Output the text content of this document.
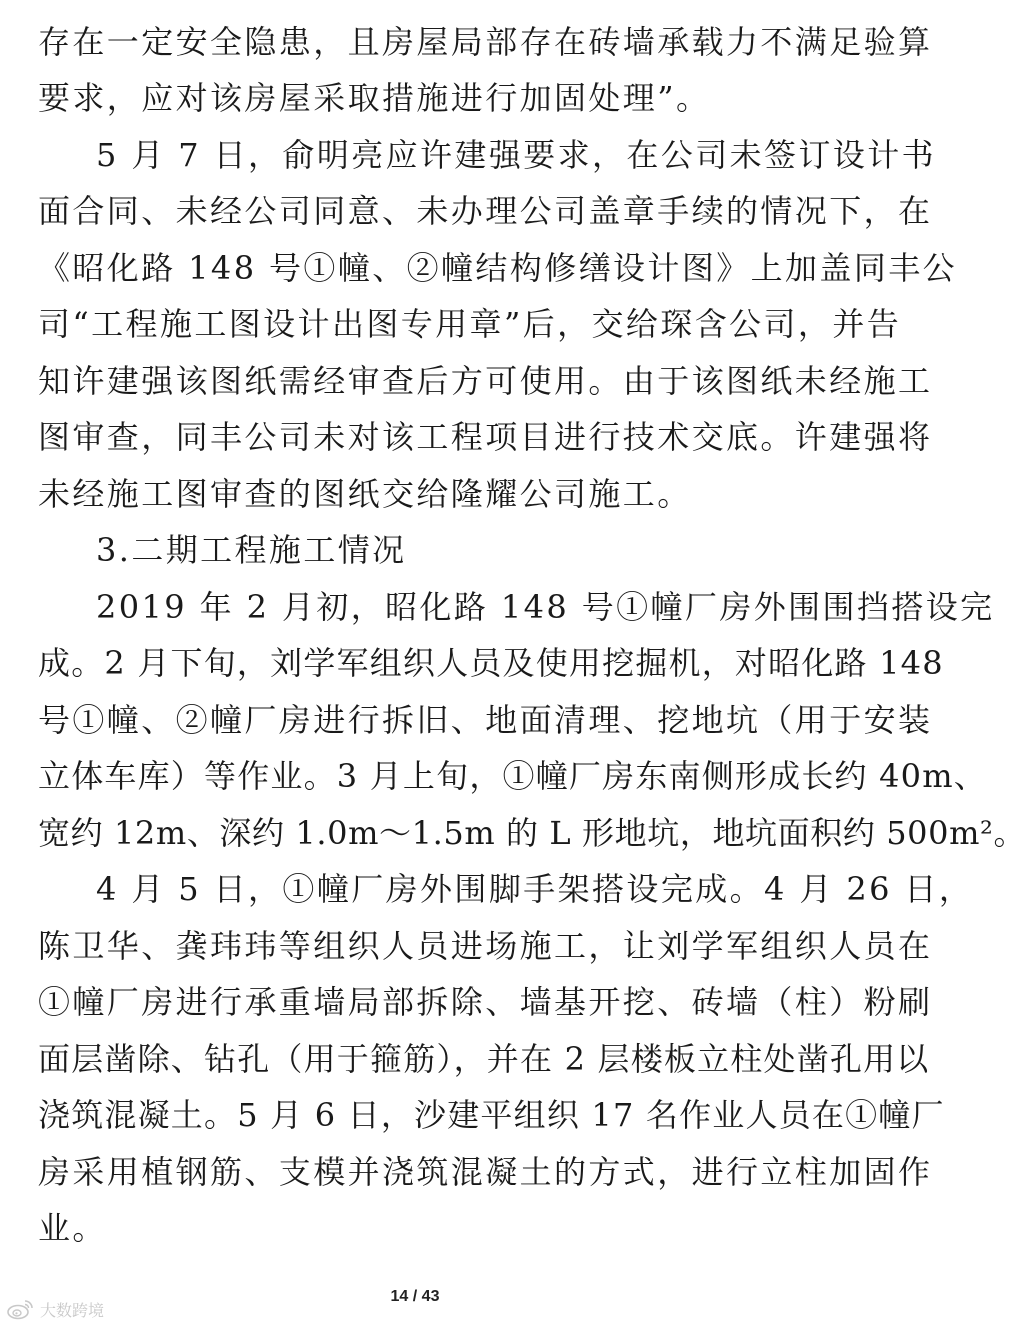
存在一定安全隐患，且房屋局部存在砖墙承载力不满足验算
要求，应对该房屋采取措施进行加固处理”。
5 月 7 日，俞明亮应许建强要求，在公司未签订设计书
面合同、未经公司同意、未办理公司盖章手续的情况下，在
《昭化路 148 号①幢、②幢结构修缮设计图》上加盖同丰公
司“工程施工图设计出图专用章”后，交给琛含公司，并告
知许建强该图纸需经审查后方可使用。由于该图纸未经施工
图审查，同丰公司未对该工程项目进行技术交底。许建强将
未经施工图审查的图纸交给隆耀公司施工。
3.二期工程施工情况
2019 年 2 月初，昭化路 148 号①幢厂房外围围挡搭设完
成。2 月下旬，刘学军组织人员及使用挖掘机，对昭化路 148
号①幢、②幢厂房进行拆旧、地面清理、挖地坑（用于安装
立体车库）等作业。3 月上旬，①幢厂房东南侧形成长约 40m、
宽约 12m、深约 1.0m～1.5m 的 L 形地坑，地坑面积约 500m²。
4 月 5 日，①幢厂房外围脚手架搭设完成。4 月 26 日，
陈卫华、龚玮玮等组织人员进场施工，让刘学军组织人员在
①幢厂房进行承重墙局部拆除、墙基开挖、砖墙（柱）粉刷
面层凿除、钻孔（用于箍筋），并在 2 层楼板立柱处凿孔用以
浇筑混凝土。5 月 6 日，沙建平组织 17 名作业人员在①幢厂
房采用植钢筋、支模并浇筑混凝土的方式，进行立柱加固作
业。
14 / 43
大数跨境
